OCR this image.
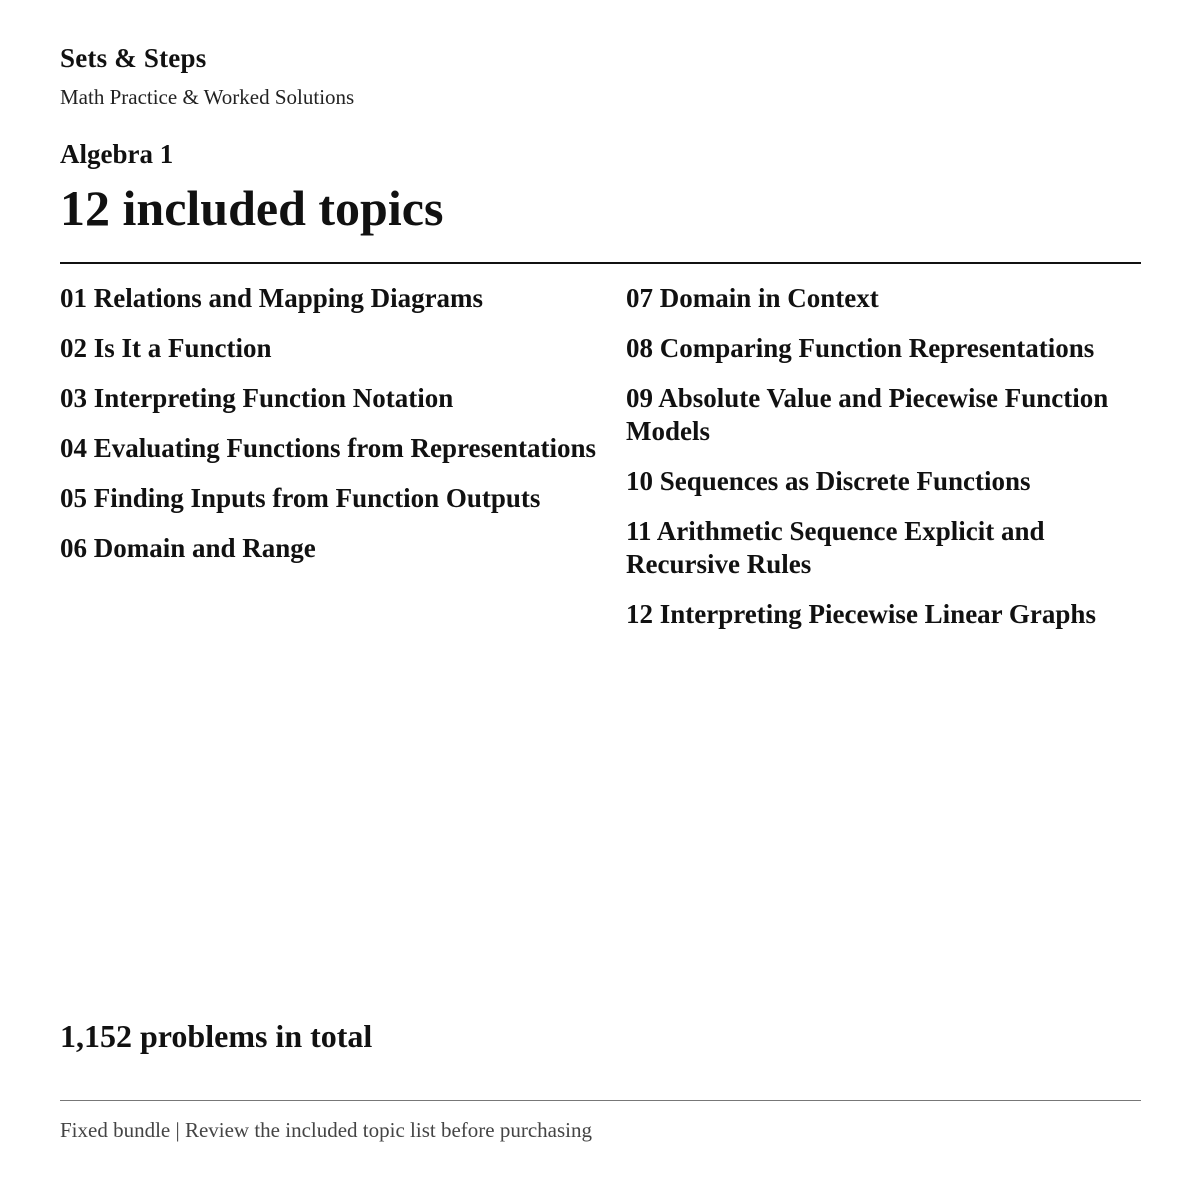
Sets & Steps
Math Practice & Worked Solutions
Algebra 1
12 included topics
01 Relations and Mapping Diagrams
02 Is It a Function
03 Interpreting Function Notation
04 Evaluating Functions from Representations
05 Finding Inputs from Function Outputs
06 Domain and Range
07 Domain in Context
08 Comparing Function Representations
09 Absolute Value and Piecewise Function Models
10 Sequences as Discrete Functions
11 Arithmetic Sequence Explicit and Recursive Rules
12 Interpreting Piecewise Linear Graphs
1,152 problems in total
Fixed bundle | Review the included topic list before purchasing
